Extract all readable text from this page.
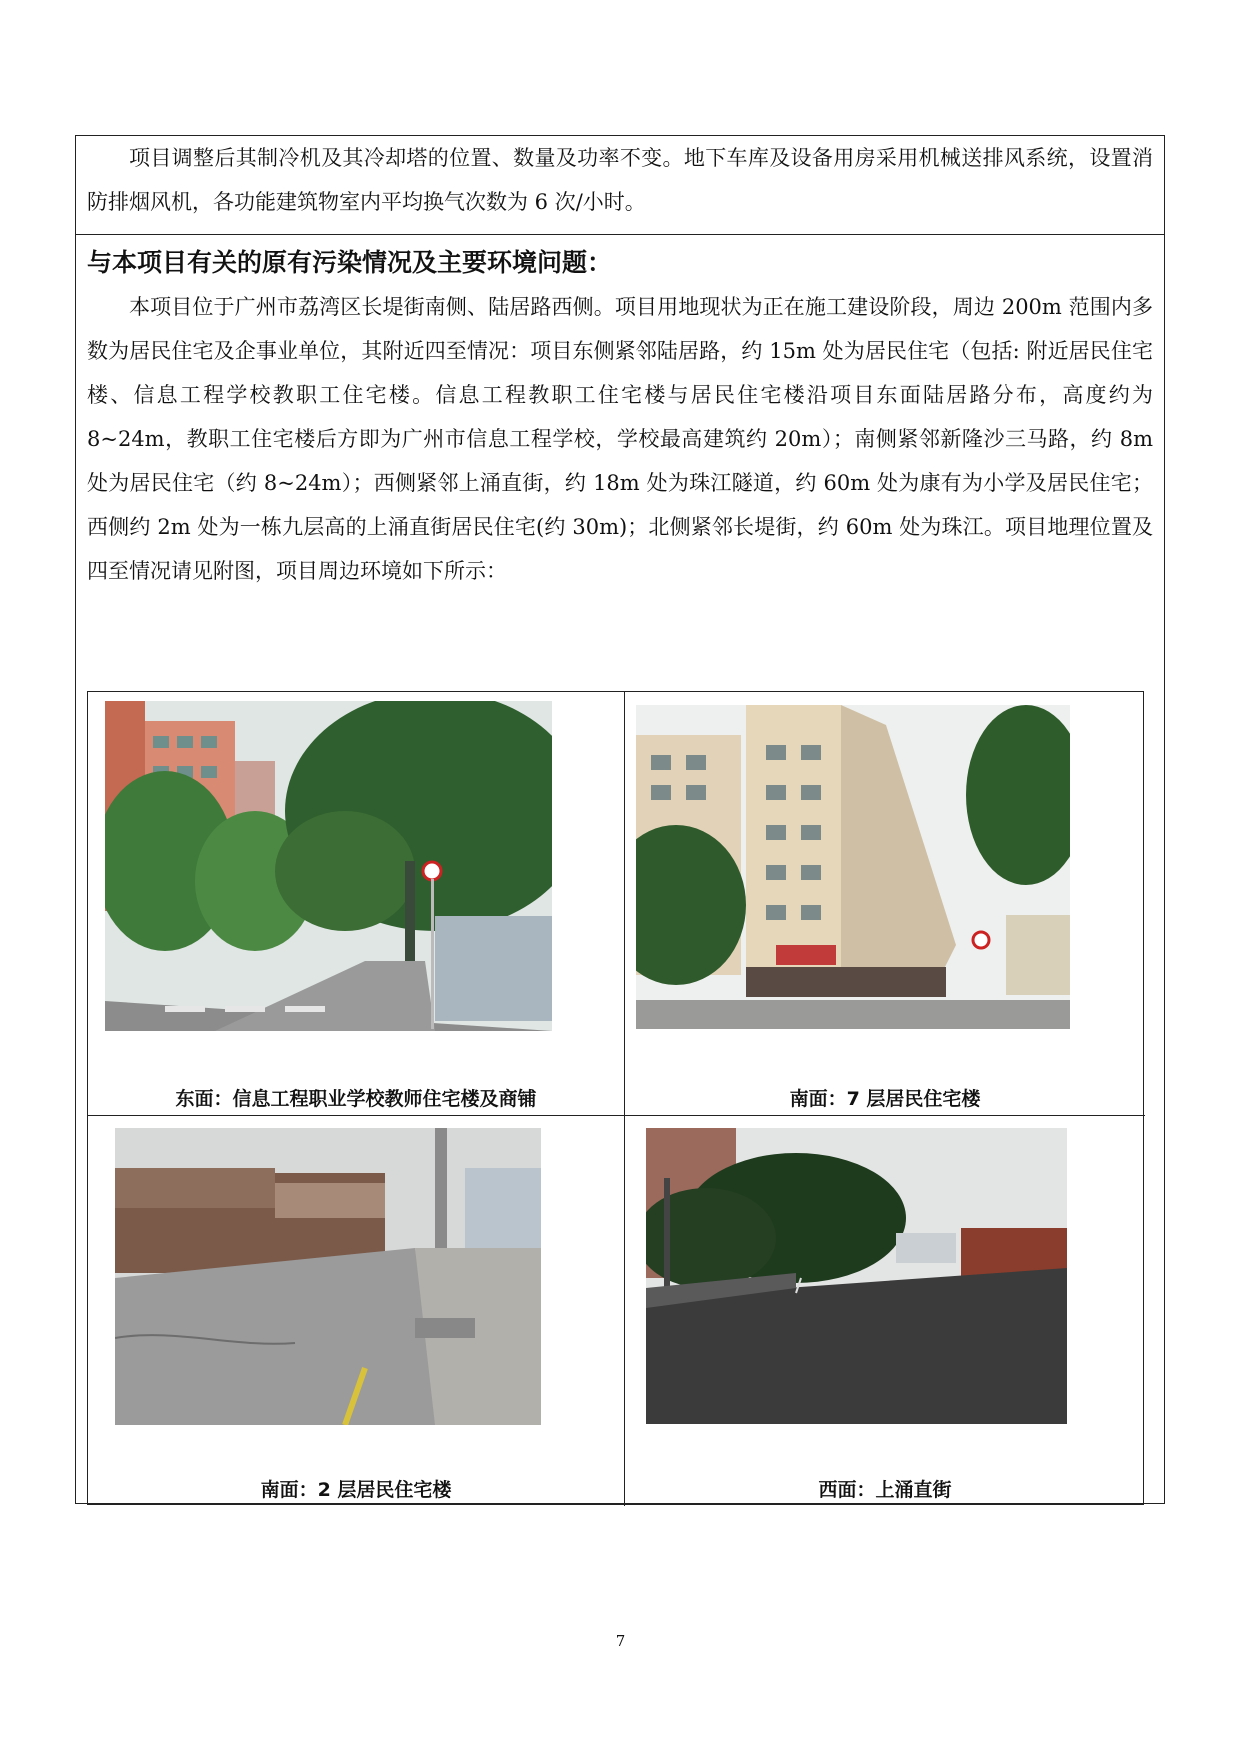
项目调整后其制冷机及其冷却塔的位置、数量及功率不变。地下车库及设备用房采用机械送排风系统，设置消防排烟风机，各功能建筑物室内平均换气次数为 6 次/小时。

与本项目有关的原有污染情况及主要环境问题：

本项目位于广州市荔湾区长堤街南侧、陆居路西侧。项目用地现状为正在施工建设阶段，周边 200m 范围内多数为居民住宅及企事业单位，其附近四至情况：项目东侧紧邻陆居路，约 15m 处为居民住宅（包括: 附近居民住宅楼、信息工程学校教职工住宅楼。信息工程教职工住宅楼与居民住宅楼沿项目东面陆居路分布，高度约为 8~24m，教职工住宅楼后方即为广州市信息工程学校，学校最高建筑约 20m）；南侧紧邻新隆沙三马路，约 8m 处为居民住宅（约 8~24m）；西侧紧邻上涌直街，约 18m 处为珠江隧道，约 60m 处为康有为小学及居民住宅；西侧约 2m 处为一栋九层高的上涌直街居民住宅(约 30m)；北侧紧邻长堤街，约 60m 处为珠江。项目地理位置及四至情况请见附图，项目周边环境如下所示：

东面：信息工程职业学校教师住宅楼及商铺	南面：7 层居民住宅楼

南面：2 层居民住宅楼	西面：上涌直街

7
